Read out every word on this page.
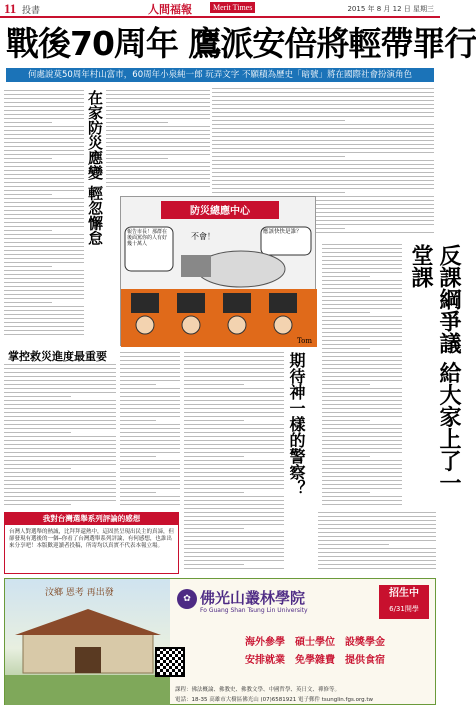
11 投書	人間福報	Merit Times	2015 年 8 月 12 日 星期三
戰後70周年 鷹派安倍將輕帶罪行
何處說莫50周年村山富市，60周年小泉純一郎 玩弄文字 不願積為歷史「暗號」將在國際社會扮演角色
反課綱爭議 給大家上了一堂課
在家防災應變 輕忽懈怠
掌控救災進度最重要
防災總應中心
報告市長！那群在後面罵你的人有好幾十萬人
應該快快是誰？
不會！
Tom
期待神一樣的警察？
我對台灣選舉系列評論的感想
台灣人對選舉的熱誠，比拜拜還熱中，這固然呈現出民主的真諦，但卻發現有選後的一個─你看了台灣選舉系列評論，有何感想，也誰出來分享吧！本版歡迎讀者投稿，所寄均以真實不代表本報立場。
汶鄉 恩考 再出發
✿ 佛光山叢林學院
Fo Guang Shan Tsung Lin University
招生中
6/31開學
海外參學　碩士學位　設獎學金
安排就業　免學雜費　提供食宿
課程：佛法概論、佛教史、佛教文學、中國哲學、英日文、禪修等。
電話：18-35 高雄市大樹區佛光山 (07)6581921 電子郵件 tsunglin.fgs.org.tw
